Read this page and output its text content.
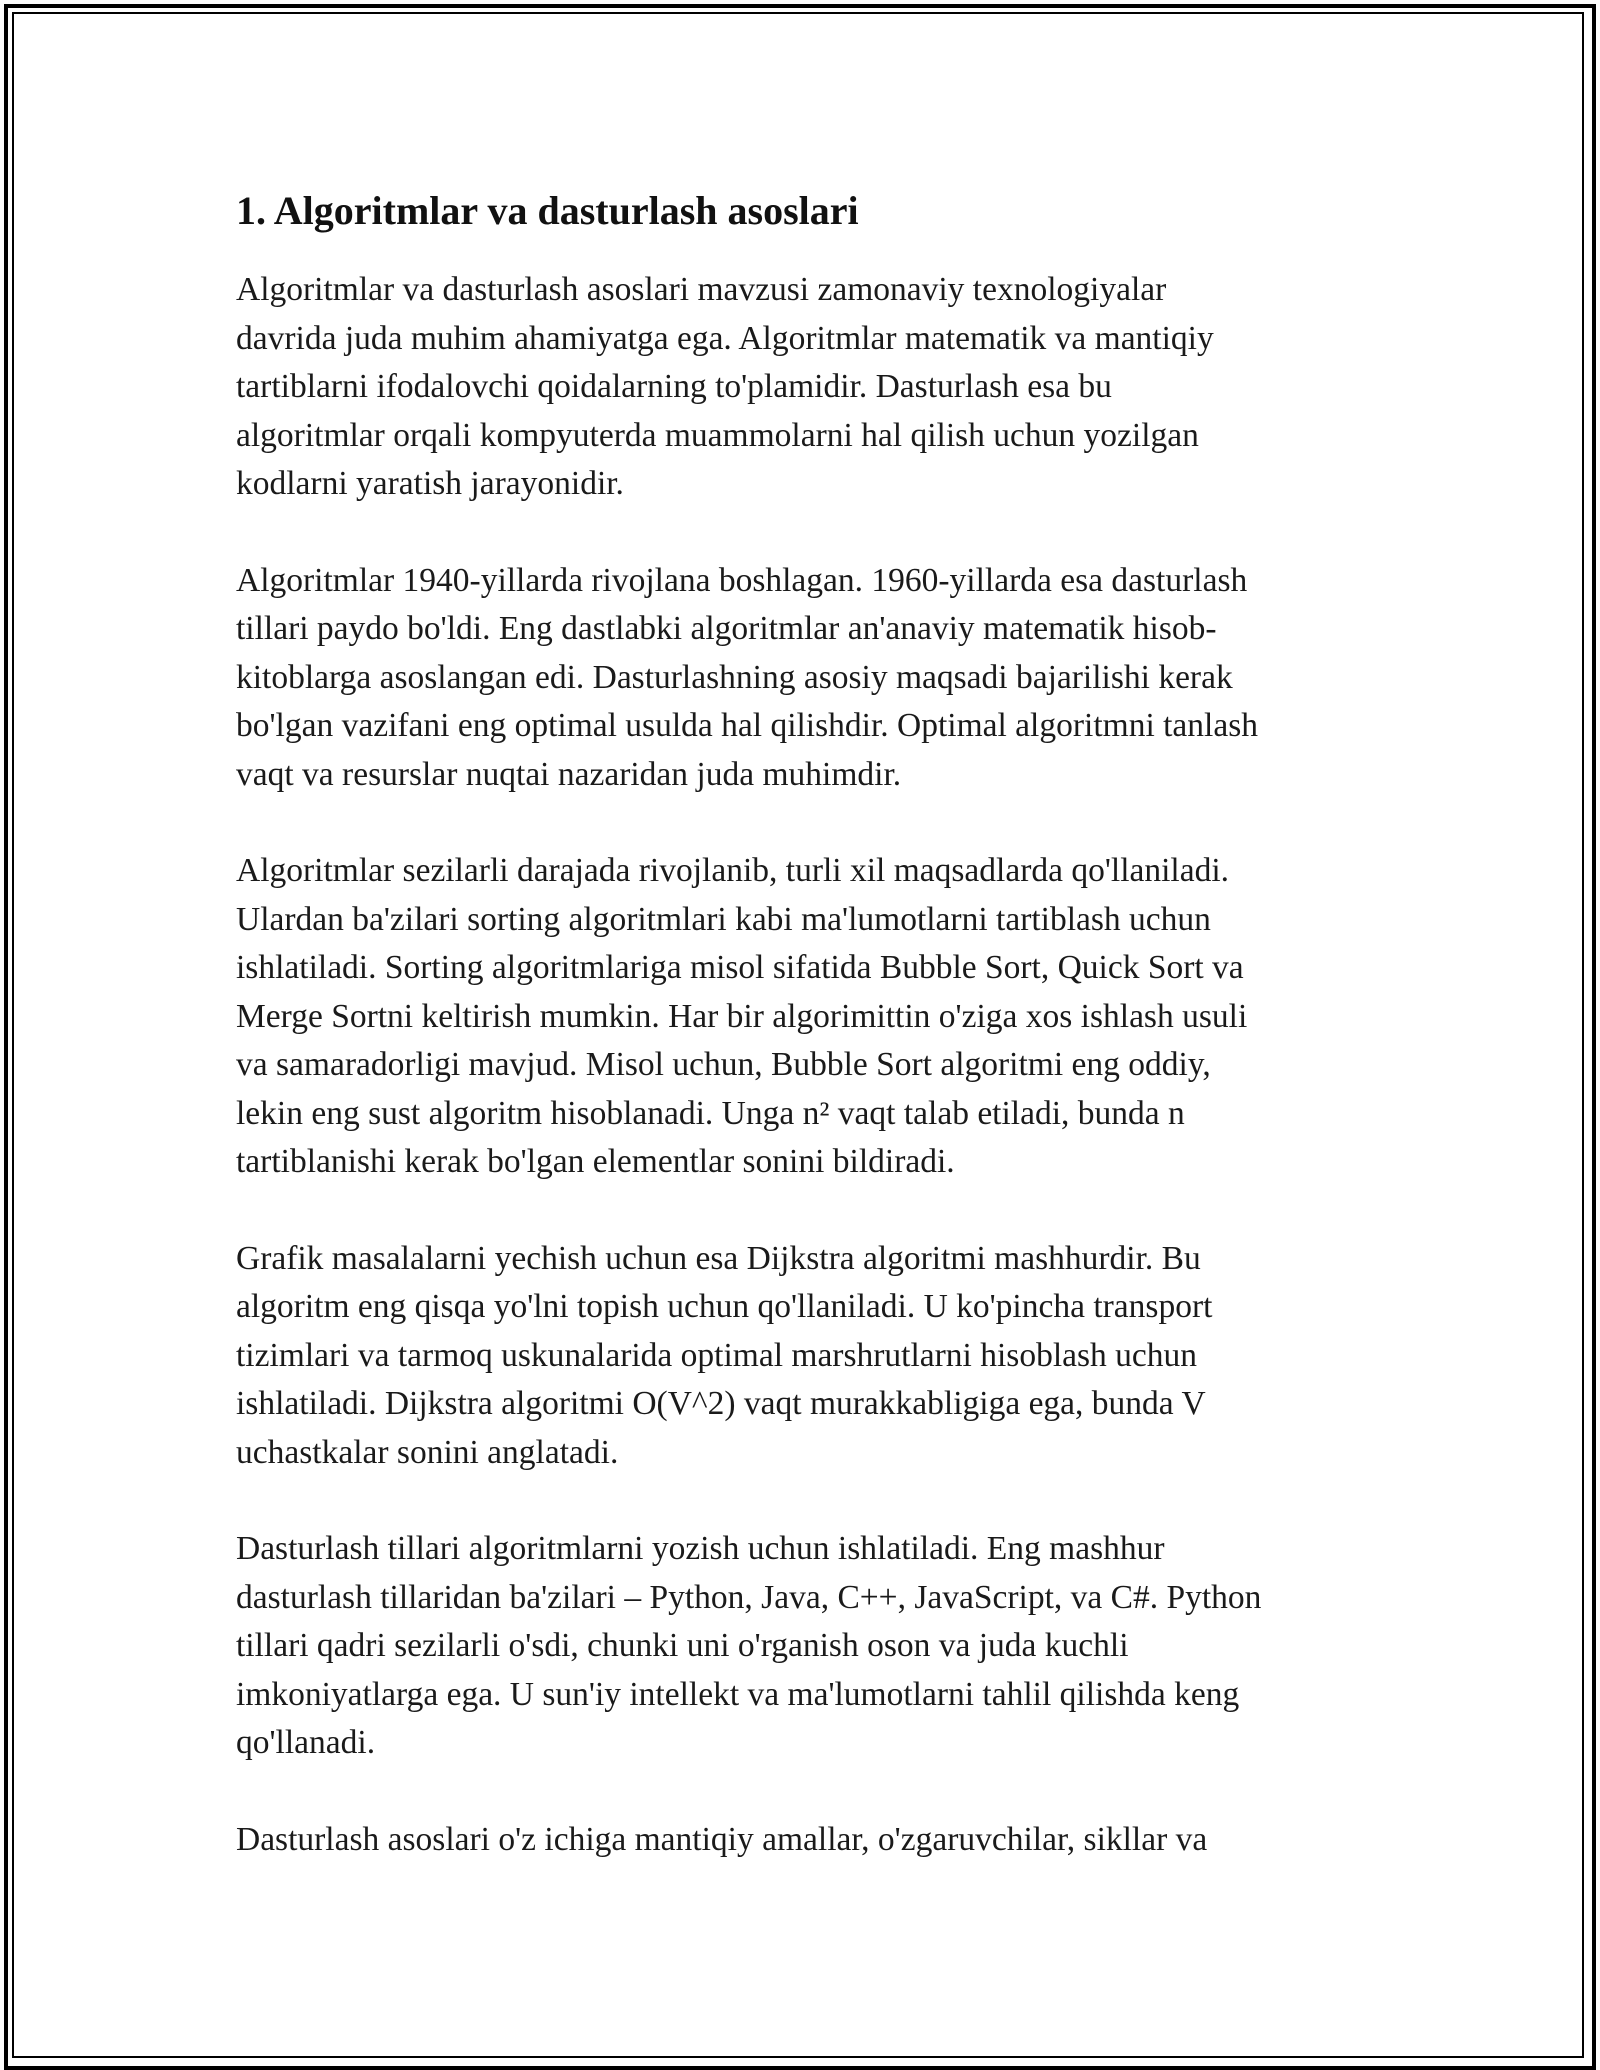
1. Algoritmlar va dasturlash asoslari

Algoritmlar va dasturlash asoslari mavzusi zamonaviy texnologiyalar
davrida juda muhim ahamiyatga ega. Algoritmlar matematik va mantiqiy
tartiblarni ifodalovchi qoidalarning to'plamidir. Dasturlash esa bu
algoritmlar orqali kompyuterda muammolarni hal qilish uchun yozilgan
kodlarni yaratish jarayonidir.

Algoritmlar 1940-yillarda rivojlana boshlagan. 1960-yillarda esa dasturlash
tillari paydo bo'ldi. Eng dastlabki algoritmlar an'anaviy matematik hisob-
kitoblarga asoslangan edi. Dasturlashning asosiy maqsadi bajarilishi kerak
bo'lgan vazifani eng optimal usulda hal qilishdir. Optimal algoritmni tanlash
vaqt va resurslar nuqtai nazaridan juda muhimdir.

Algoritmlar sezilarli darajada rivojlanib, turli xil maqsadlarda qo'llaniladi.
Ulardan ba'zilari sorting algoritmlari kabi ma'lumotlarni tartiblash uchun
ishlatiladi. Sorting algoritmlariga misol sifatida Bubble Sort, Quick Sort va
Merge Sortni keltirish mumkin. Har bir algorimittin o'ziga xos ishlash usuli
va samaradorligi mavjud. Misol uchun, Bubble Sort algoritmi eng oddiy,
lekin eng sust algoritm hisoblanadi. Unga n² vaqt talab etiladi, bunda n
tartiblanishi kerak bo'lgan elementlar sonini bildiradi.

Grafik masalalarni yechish uchun esa Dijkstra algoritmi mashhurdir. Bu
algoritm eng qisqa yo'lni topish uchun qo'llaniladi. U ko'pincha transport
tizimlari va tarmoq uskunalarida optimal marshrutlarni hisoblash uchun
ishlatiladi. Dijkstra algoritmi O(V^2) vaqt murakkabligiga ega, bunda V
uchastkalar sonini anglatadi.

Dasturlash tillari algoritmlarni yozish uchun ishlatiladi. Eng mashhur
dasturlash tillaridan ba'zilari – Python, Java, C++, JavaScript, va C#. Python
tillari qadri sezilarli o'sdi, chunki uni o'rganish oson va juda kuchli
imkoniyatlarga ega. U sun'iy intellekt va ma'lumotlarni tahlil qilishda keng
qo'llanadi.

Dasturlash asoslari o'z ichiga mantiqiy amallar, o'zgaruvchilar, sikllar va
